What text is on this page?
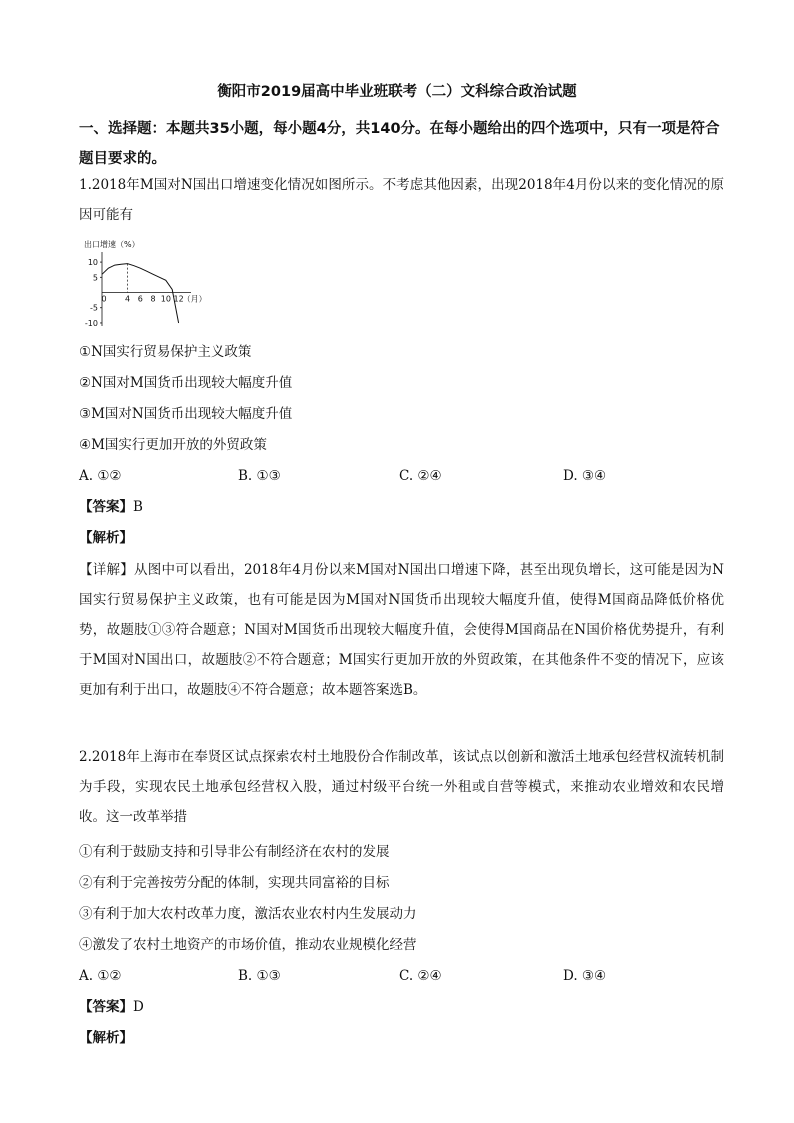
衡阳市2019届高中毕业班联考（二）文科综合政治试题
一、选择题：本题共35小题，每小题4分，共140分。在每小题给出的四个选项中，只有一项是符合题目要求的。
1.2018年M国对N国出口增速变化情况如图所示。不考虑其他因素，出现2018年4月份以来的变化情况的原因可能有
出口增速（%）
10
5
-5
-10
0 4 6 8 10 12
（月）
①N国实行贸易保护主义政策
②N国对M国货币出现较大幅度升值
③M国对N国货币出现较大幅度升值
④M国实行更加开放的外贸政策
A. ①②	B. ①③	C. ②④	D. ③④
【答案】B
【解析】
【详解】从图中可以看出，2018年4月份以来M国对N国出口增速下降，甚至出现负增长，这可能是因为N国实行贸易保护主义政策，也有可能是因为M国对N国货币出现较大幅度升值，使得M国商品降低价格优势，故题肢①③符合题意；N国对M国货币出现较大幅度升值，会使得M国商品在N国价格优势提升，有利于M国对N国出口，故题肢②不符合题意；M国实行更加开放的外贸政策，在其他条件不变的情况下，应该更加有利于出口，故题肢④不符合题意；故本题答案选B。
2.2018年上海市在奉贤区试点探索农村土地股份合作制改革，该试点以创新和激活土地承包经营权流转机制为手段，实现农民土地承包经营权入股，通过村级平台统一外租或自营等模式，来推动农业增效和农民增收。这一改革举措
①有利于鼓励支持和引导非公有制经济在农村的发展
②有利于完善按劳分配的体制，实现共同富裕的目标
③有利于加大农村改革力度，激活农业农村内生发展动力
④激发了农村土地资产的市场价值，推动农业规模化经营
A. ①②	B. ①③	C. ②④	D. ③④
【答案】D
【解析】
